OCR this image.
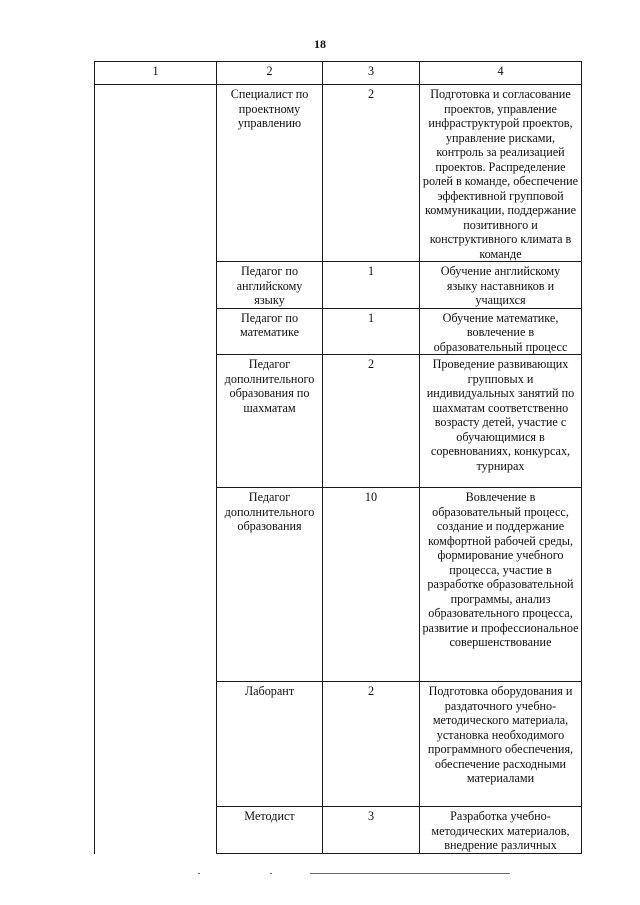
18
1	2	3	4

	Специалист по проектному управлению	2	Подготовка и согласование проектов, управление инфраструктурой проектов, управление рисками, контроль за реализацией проектов. Распределение ролей в команде, обеспечение эффективной групповой коммуникации, поддержание позитивного и конструктивного климата в команде

	Педагог по английскому языку	1	Обучение английскому языку наставников и учащихся

	Педагог по математике	1	Обучение математике, вовлечение в образовательный процесс

	Педагог дополнительного образования по шахматам	2	Проведение развивающих групповых и индивидуальных занятий по шахматам соответственно возрасту детей, участие с обучающимися в соревнованиях, конкурсах, турнирах

	Педагог дополнительного образования	10	Вовлечение в образовательный процесс, создание и поддержание комфортной рабочей среды, формирование учебного процесса, участие в разработке образовательной программы, анализ образовательного процесса, развитие и профессиональное совершенствование

	Лаборант	2	Подготовка оборудования и раздаточного учебно-методического материала, установка необходимого программного обеспечения, обеспечение расходными материалами

	Методист	3	Разработка учебно-методических материалов, внедрение различных
